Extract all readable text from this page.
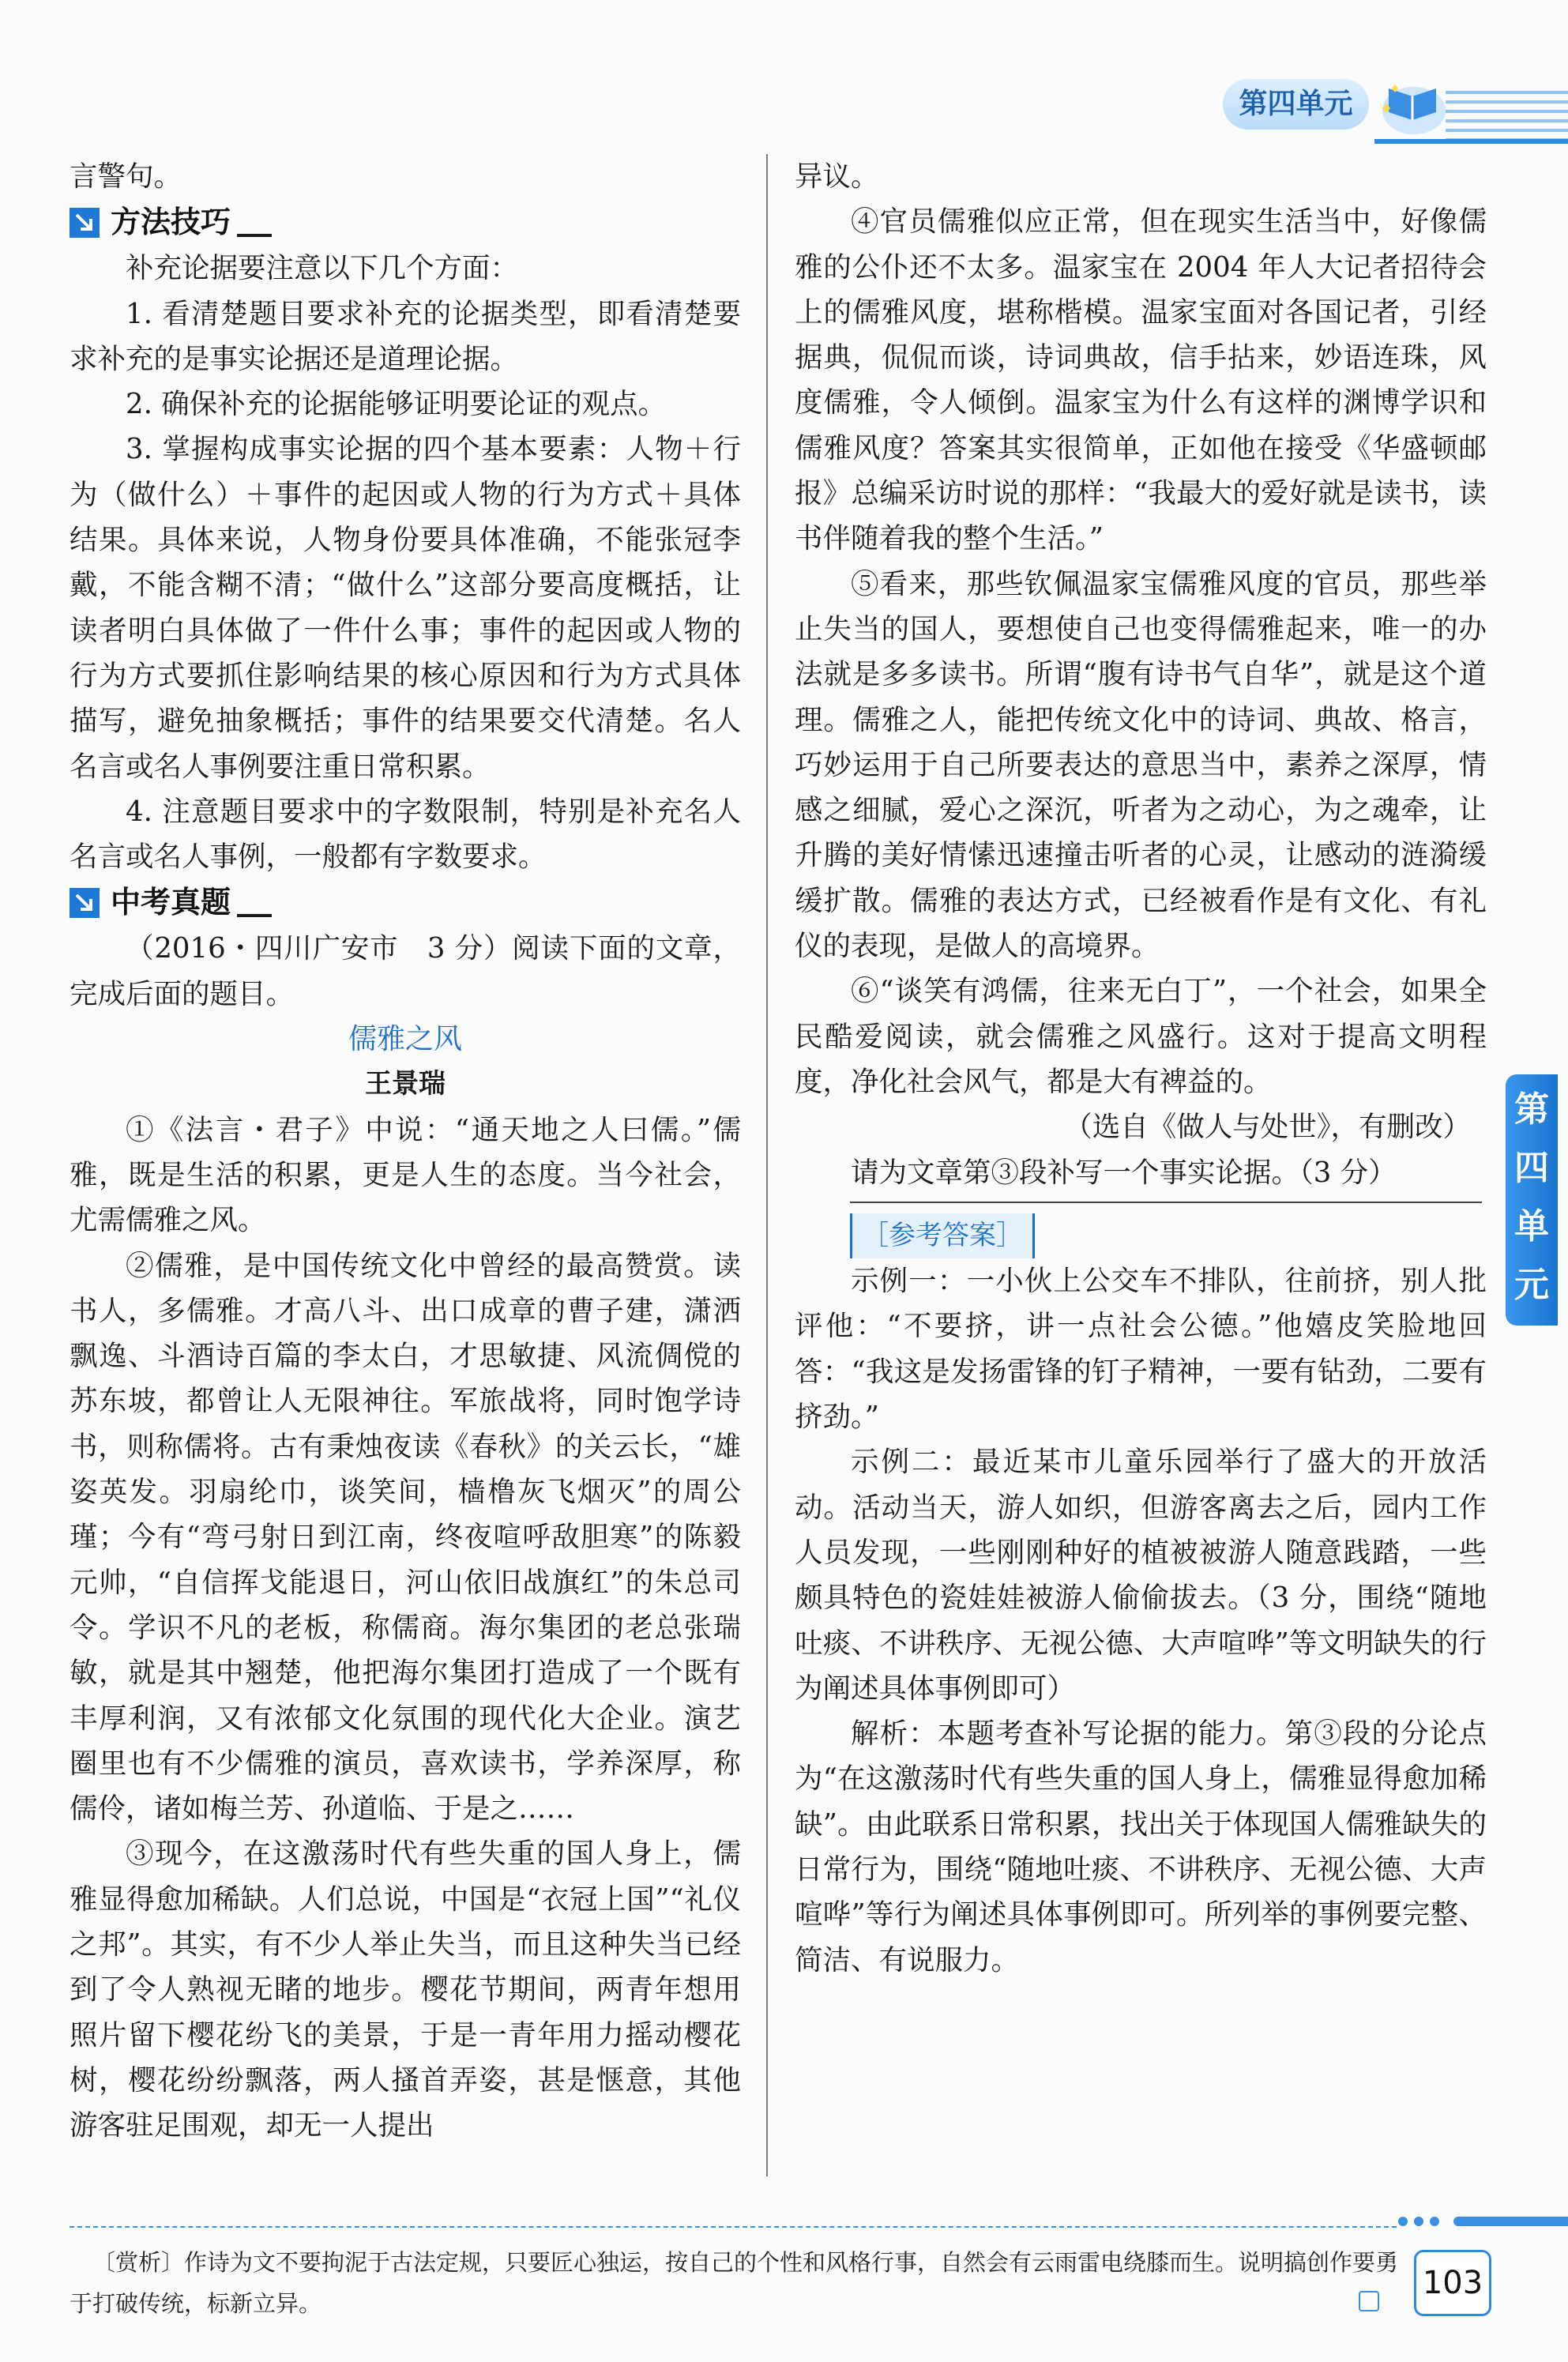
第四单元

言警句。

方法技巧

补充论据要注意以下几个方面：

1. 看清楚题目要求补充的论据类型，即看清楚要求补充的是事实论据还是道理论据。

2. 确保补充的论据能够证明要论证的观点。

3. 掌握构成事实论据的四个基本要素：人物＋行为（做什么）＋事件的起因或人物的行为方式＋具体结果。具体来说，人物身份要具体准确，不能张冠李戴，不能含糊不清；“做什么”这部分要高度概括，让读者明白具体做了一件什么事；事件的起因或人物的行为方式要抓住影响结果的核心原因和行为方式具体描写，避免抽象概括；事件的结果要交代清楚。名人名言或名人事例要注重日常积累。

4. 注意题目要求中的字数限制，特别是补充名人名言或名人事例，一般都有字数要求。

中考真题

（2016・四川广安市　3 分）阅读下面的文章，完成后面的题目。

儒雅之风

王景瑞

①《法言・君子》中说：“通天地之人曰儒。”儒雅，既是生活的积累，更是人生的态度。当今社会，尤需儒雅之风。

②儒雅，是中国传统文化中曾经的最高赞赏。读书人，多儒雅。才高八斗、出口成章的曹子建，潇洒飘逸、斗酒诗百篇的李太白，才思敏捷、风流倜傥的苏东坡，都曾让人无限神往。军旅战将，同时饱学诗书，则称儒将。古有秉烛夜读《春秋》的关云长，“雄姿英发。羽扇纶巾，谈笑间，樯橹灰飞烟灭”的周公瑾；今有“弯弓射日到江南，终夜喧呼敌胆寒”的陈毅元帅，“自信挥戈能退日，河山依旧战旗红”的朱总司令。学识不凡的老板，称儒商。海尔集团的老总张瑞敏，就是其中翘楚，他把海尔集团打造成了一个既有丰厚利润，又有浓郁文化氛围的现代化大企业。演艺圈里也有不少儒雅的演员，喜欢读书，学养深厚，称儒伶，诸如梅兰芳、孙道临、于是之……

③现今，在这激荡时代有些失重的国人身上，儒雅显得愈加稀缺。人们总说，中国是“衣冠上国”“礼仪之邦”。其实，有不少人举止失当，而且这种失当已经到了令人熟视无睹的地步。樱花节期间，两青年想用照片留下樱花纷飞的美景，于是一青年用力摇动樱花树，樱花纷纷飘落，两人搔首弄姿，甚是惬意，其他游客驻足围观，却无一人提出

异议。

④官员儒雅似应正常，但在现实生活当中，好像儒雅的公仆还不太多。温家宝在 2004 年人大记者招待会上的儒雅风度，堪称楷模。温家宝面对各国记者，引经据典，侃侃而谈，诗词典故，信手拈来，妙语连珠，风度儒雅，令人倾倒。温家宝为什么有这样的渊博学识和儒雅风度？答案其实很简单，正如他在接受《华盛顿邮报》总编采访时说的那样：“我最大的爱好就是读书，读书伴随着我的整个生活。”

⑤看来，那些钦佩温家宝儒雅风度的官员，那些举止失当的国人，要想使自己也变得儒雅起来，唯一的办法就是多多读书。所谓“腹有诗书气自华”，就是这个道理。儒雅之人，能把传统文化中的诗词、典故、格言，巧妙运用于自己所要表达的意思当中，素养之深厚，情感之细腻，爱心之深沉，听者为之动心，为之魂牵，让升腾的美好情愫迅速撞击听者的心灵，让感动的涟漪缓缓扩散。儒雅的表达方式，已经被看作是有文化、有礼仪的表现，是做人的高境界。

⑥“谈笑有鸿儒，往来无白丁”，一个社会，如果全民酷爱阅读，就会儒雅之风盛行。这对于提高文明程度，净化社会风气，都是大有裨益的。

（选自《做人与处世》，有删改）

请为文章第③段补写一个事实论据。（3 分）

［参考答案］

示例一：一小伙上公交车不排队，往前挤，别人批评他：“不要挤，讲一点社会公德。”他嬉皮笑脸地回答：“我这是发扬雷锋的钉子精神，一要有钻劲，二要有挤劲。”

示例二：最近某市儿童乐园举行了盛大的开放活动。活动当天，游人如织，但游客离去之后，园内工作人员发现，一些刚刚种好的植被被游人随意践踏，一些颇具特色的瓷娃娃被游人偷偷拔去。（3 分，围绕“随地吐痰、不讲秩序、无视公德、大声喧哗”等文明缺失的行为阐述具体事例即可）

解析：本题考查补写论据的能力。第③段的分论点为“在这激荡时代有些失重的国人身上，儒雅显得愈加稀缺”。由此联系日常积累，找出关于体现国人儒雅缺失的日常行为，围绕“随地吐痰、不讲秩序、无视公德、大声喧哗”等行为阐述具体事例即可。所列举的事例要完整、简洁、有说服力。

第
四
单
元

〔赏析〕作诗为文不要拘泥于古法定规，只要匠心独运，按自己的个性和风格行事，自然会有云雨雷电绕膝而生。说明搞创作要勇于打破传统，标新立异。

103
